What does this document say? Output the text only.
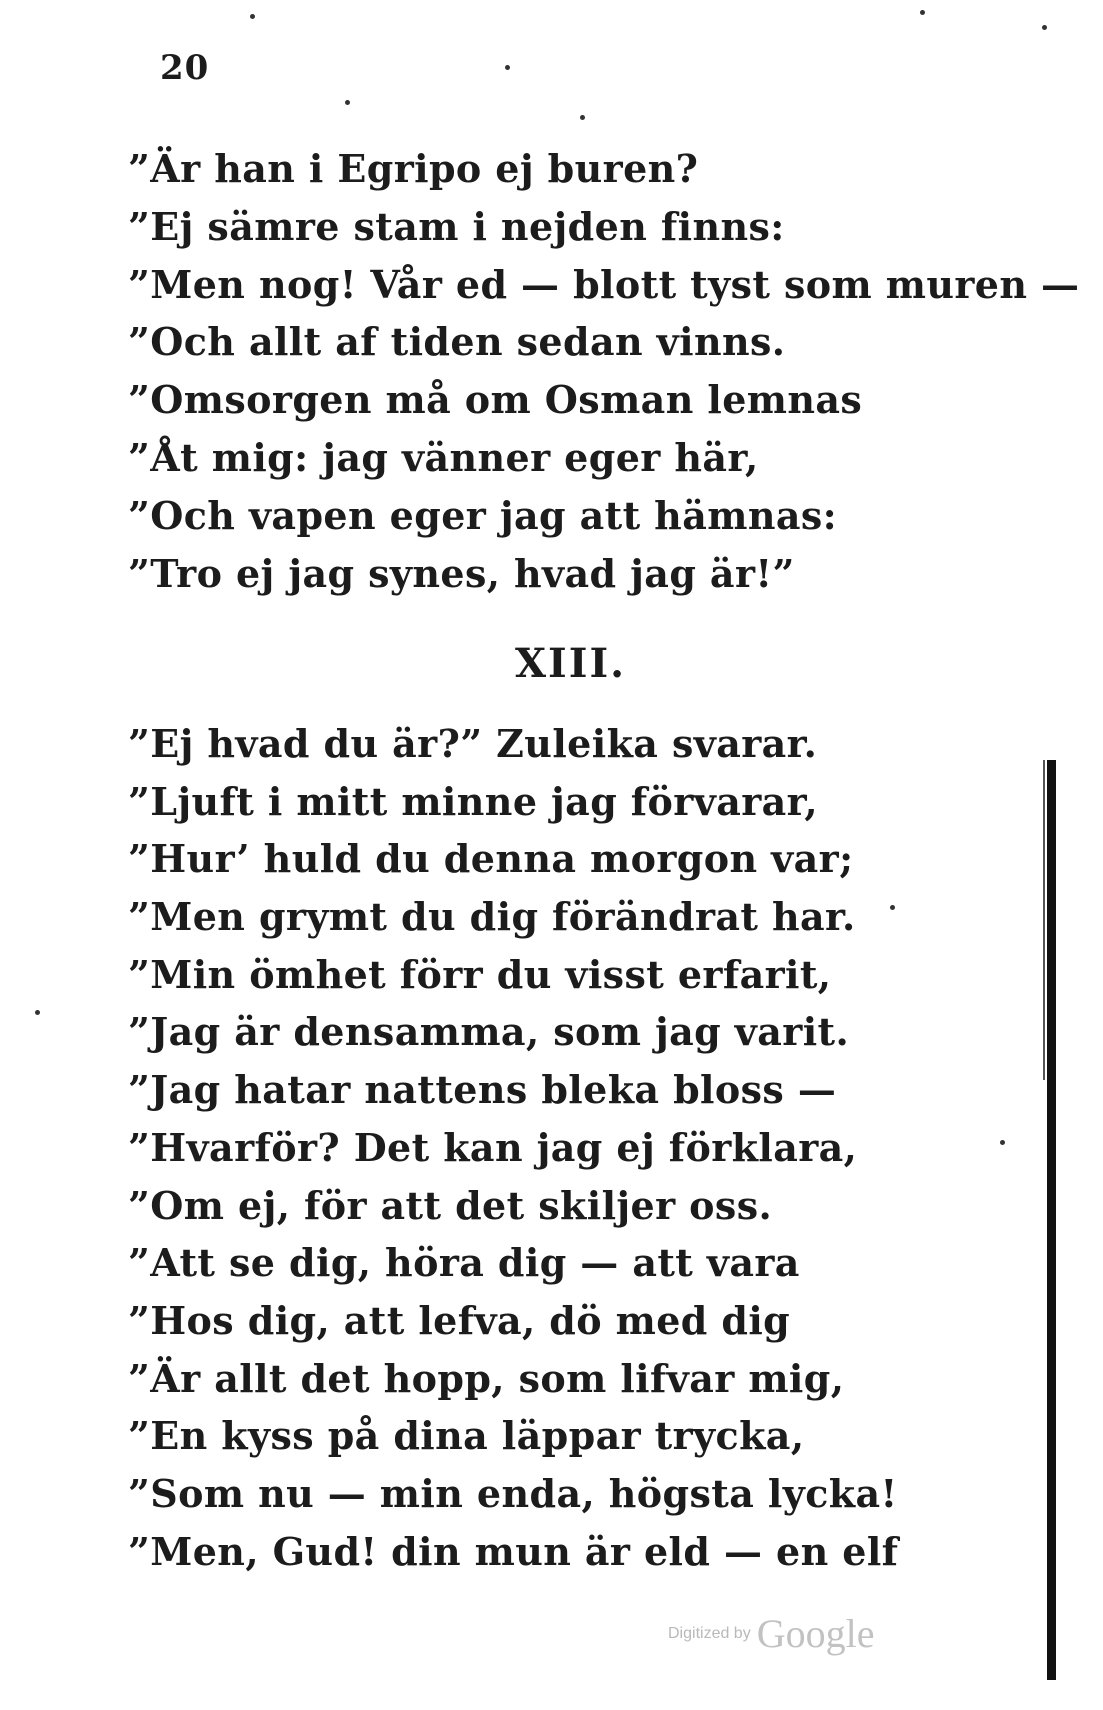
20
”Är han i Egripo ej buren?
”Ej sämre stam i nejden finns:
”Men nog! Vår ed — blott tyst som muren —
”Och allt af tiden sedan vinns.
”Omsorgen må om Osman lemnas
”Åt mig: jag vänner eger här,
”Och vapen eger jag att hämnas:
”Tro ej jag synes, hvad jag är!”
XIII.
”Ej hvad du är?” Zuleika svarar.
”Ljuft i mitt minne jag förvarar,
”Hur’ huld du denna morgon var;
”Men grymt du dig förändrat har.
”Min ömhet förr du visst erfarit,
”Jag är densamma, som jag varit.
”Jag hatar nattens bleka bloss —
”Hvarför? Det kan jag ej förklara,
”Om ej, för att det skiljer oss.
”Att se dig, höra dig — att vara
”Hos dig, att lefva, dö med dig
”Är allt det hopp, som lifvar mig,
”En kyss på dina läppar trycka,
”Som nu — min enda, högsta lycka!
”Men, Gud! din mun är eld — en elf
Digitized by Google
